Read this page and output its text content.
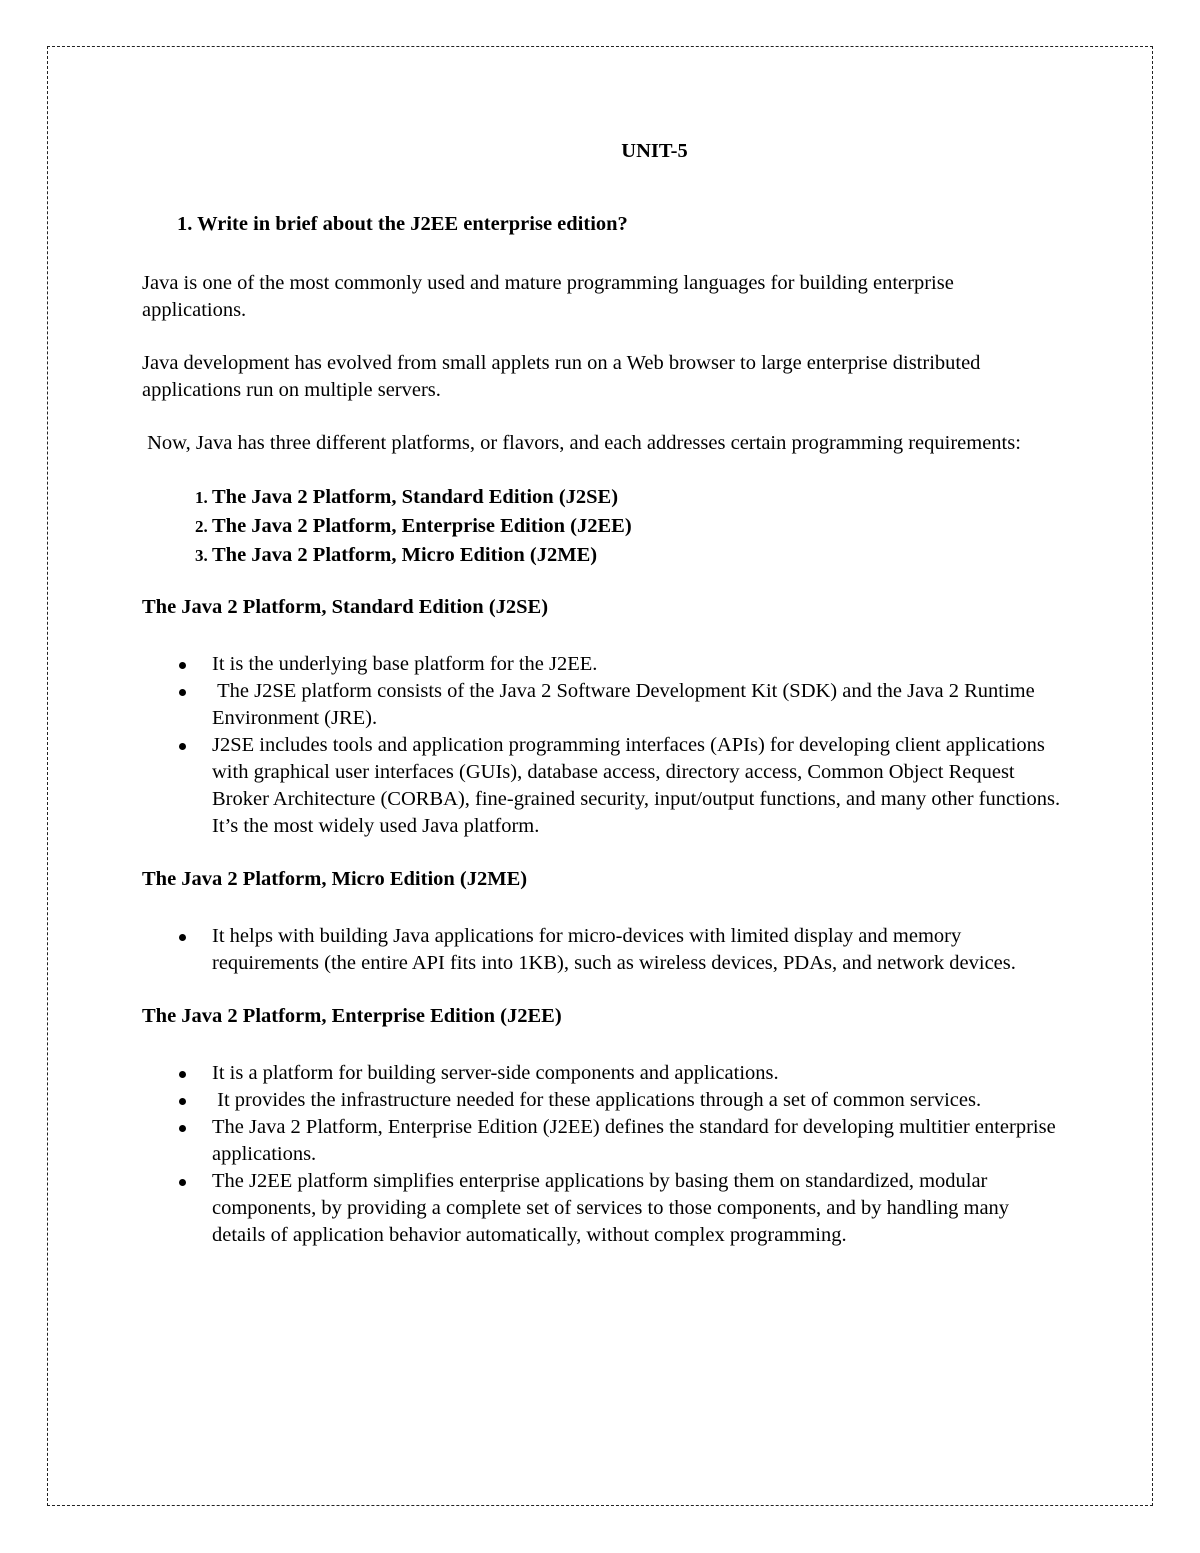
UNIT-5
1. Write in brief about the J2EE enterprise edition?

Java is one of the most commonly used and mature programming languages for building enterprise applications.

Java development has evolved from small applets run on a Web browser to large enterprise distributed applications run on multiple servers.

Now, Java has three different platforms, or flavors, and each addresses certain programming requirements:

1. The Java 2 Platform, Standard Edition (J2SE)
2. The Java 2 Platform, Enterprise Edition (J2EE)
3. The Java 2 Platform, Micro Edition (J2ME)
The Java 2 Platform, Standard Edition (J2SE)
It is the underlying base platform for the J2EE.
The J2SE platform consists of the Java 2 Software Development Kit (SDK) and the Java 2 Runtime Environment (JRE).
J2SE includes tools and application programming interfaces (APIs) for developing client applications with graphical user interfaces (GUIs), database access, directory access, Common Object Request Broker Architecture (CORBA), fine-grained security, input/output functions, and many other functions. It’s the most widely used Java platform.
The Java 2 Platform, Micro Edition (J2ME)
It helps with building Java applications for micro-devices with limited display and memory requirements (the entire API fits into 1KB), such as wireless devices, PDAs, and network devices.
The Java 2 Platform, Enterprise Edition (J2EE)
It is a platform for building server-side components and applications.
It provides the infrastructure needed for these applications through a set of common services.
The Java 2 Platform, Enterprise Edition (J2EE) defines the standard for developing multitier enterprise applications.
The J2EE platform simplifies enterprise applications by basing them on standardized, modular components, by providing a complete set of services to those components, and by handling many details of application behavior automatically, without complex programming.
